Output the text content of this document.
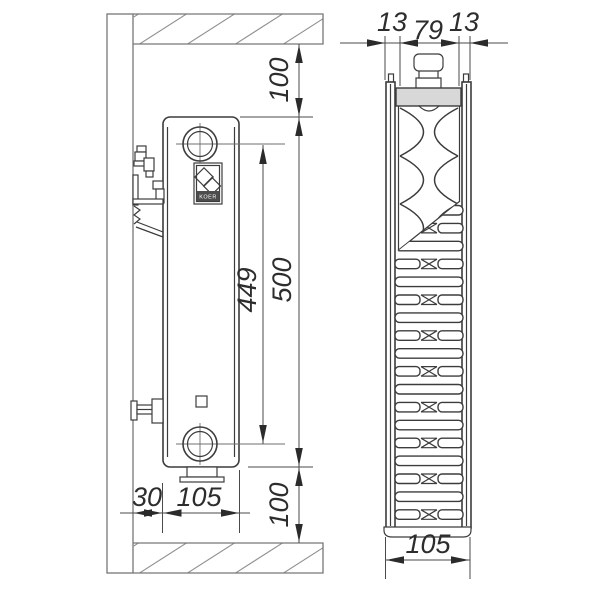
KOER
100
500
449
100
30 105
13 79 13
105
